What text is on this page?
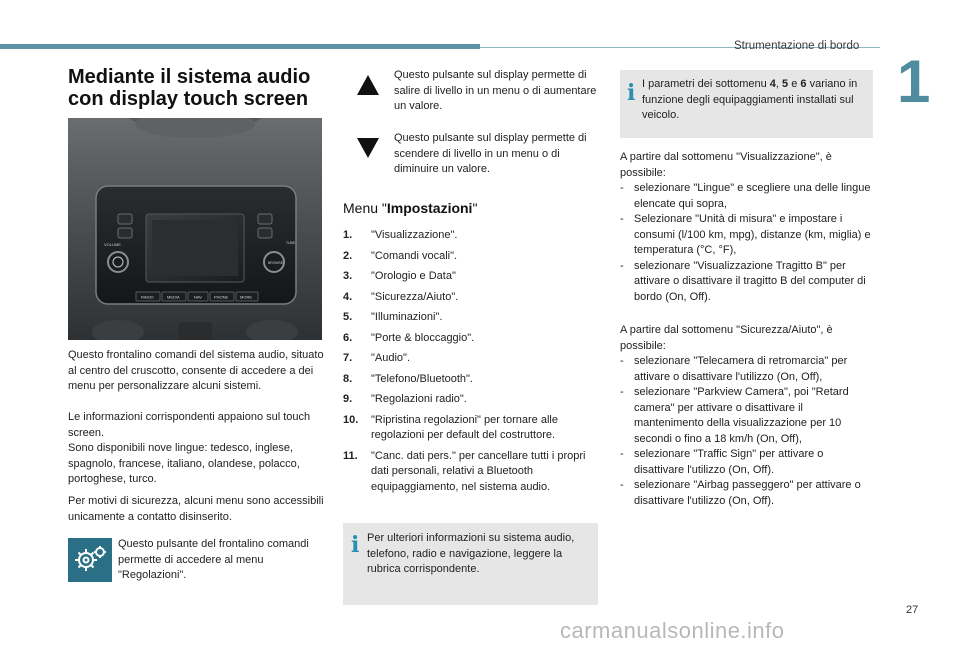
Strumentazione di bordo
1
Mediante il sistema audio con display touch screen
VOLUME
BROWSE
TUNE
RADIO	MEDIA	NAV	PHONE	MORE
Questo frontalino comandi del sistema audio, situato al centro del cruscotto, consente di accedere a dei menu per personalizzare alcuni sistemi.
Le informazioni corrispondenti appaiono sul touch screen.
Sono disponibili nove lingue: tedesco, inglese, spagnolo, francese, italiano, olandese, polacco, portoghese, turco.
Per motivi di sicurezza, alcuni menu sono accessibili unicamente a contatto disinserito.
Questo pulsante del frontalino comandi permette di accedere al menu "Regolazioni".
Questo pulsante sul display permette di salire di livello in un menu o di aumentare un valore.
Questo pulsante sul display permette di scendere di livello in un menu o di diminuire un valore.
Menu "Impostazioni"
1. "Visualizzazione".
2. "Comandi vocali".
3. "Orologio e Data"
4. "Sicurezza/Aiuto".
5. "Illuminazioni".
6. "Porte & bloccaggio".
7. "Audio".
8. "Telefono/Bluetooth".
9. "Regolazioni radio".
10. "Ripristina regolazioni" per tornare alle regolazioni per default del costruttore.
11. "Canc. dati pers." per cancellare tutti i propri dati personali, relativi a Bluetooth equipaggiamento, nel sistema audio.
i Per ulteriori informazioni su sistema audio, telefono, radio e navigazione, leggere la rubrica corrispondente.
i I parametri dei sottomenu 4, 5 e 6 variano in funzione degli equipaggiamenti installati sul veicolo.
A partire dal sottomenu "Visualizzazione", è possibile:
- selezionare "Lingue" e scegliere una delle lingue elencate qui sopra,
- Selezionare "Unità di misura" e impostare i consumi (l/100 km, mpg), distanze (km, miglia) e temperatura (°C, °F),
- selezionare "Visualizzazione Tragitto B" per attivare o disattivare il tragitto B del computer di bordo (On, Off).
A partire dal sottomenu "Sicurezza/Aiuto", è possibile:
- selezionare "Telecamera di retromarcia" per attivare o disattivare l'utilizzo (On, Off),
- selezionare "Parkview Camera", poi "Retard camera" per attivare o disattivare il mantenimento della visualizzazione per 10 secondi o fino a 18 km/h (On, Off),
- selezionare "Traffic Sign" per attivare o disattivare l'utilizzo (On, Off).
- selezionare "Airbag passeggero" per attivare o disattivare l'utilizzo (On, Off).
27
carmanualsonline.info
